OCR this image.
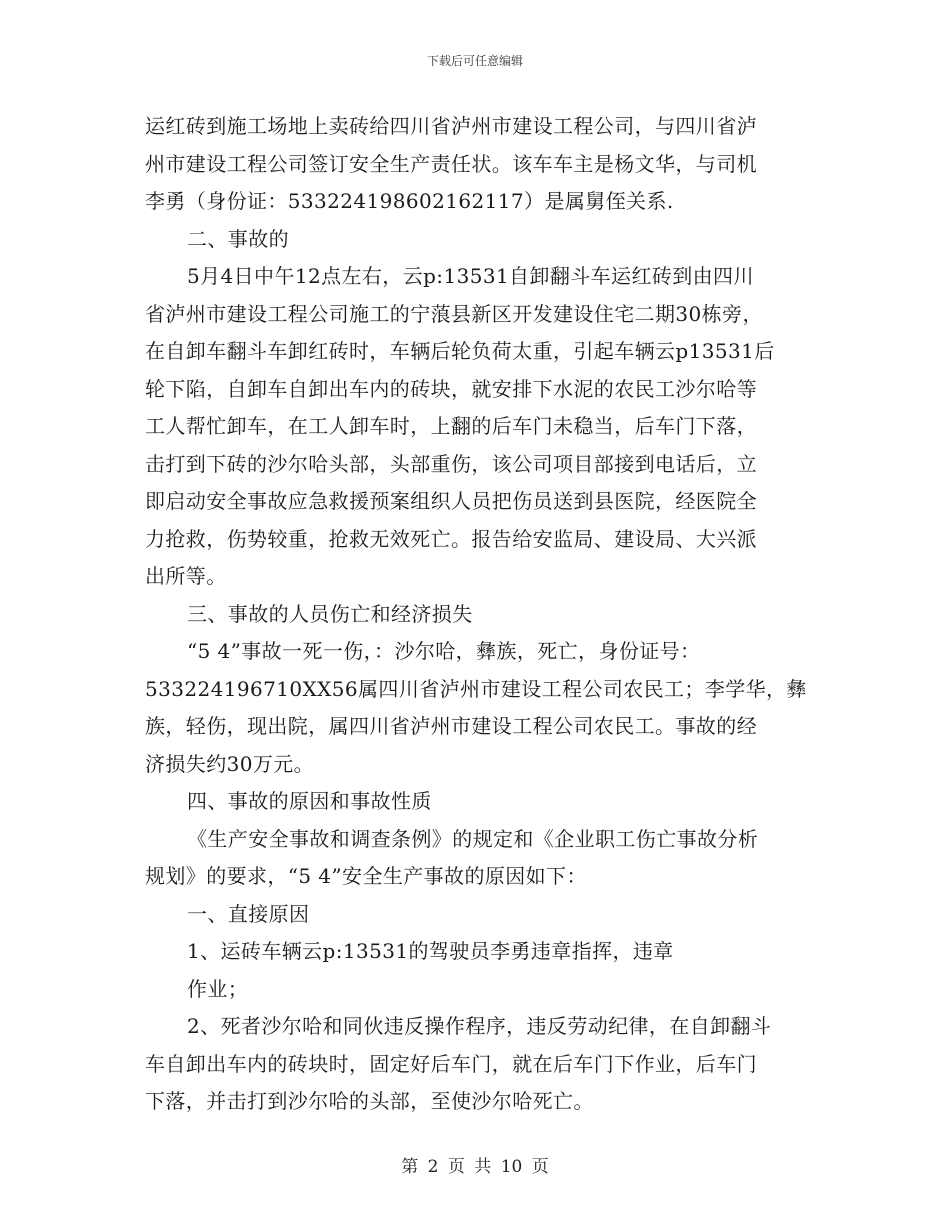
下载后可任意编辑
运红砖到施工场地上卖砖给四川省泸州市建设工程公司，与四川省泸
州市建设工程公司签订安全生产责任状。该车车主是杨文华，与司机
李勇（身份证：533224198602162117）是属舅侄关系.
二、事故的
5月4日中午12点左右，云p:13531自卸翻斗车运红砖到由四川
省泸州市建设工程公司施工的宁蒗县新区开发建设住宅二期30栋旁，
在自卸车翻斗车卸红砖时，车辆后轮负荷太重，引起车辆云p13531后
轮下陷，自卸车自卸出车内的砖块，就安排下水泥的农民工沙尔哈等
工人帮忙卸车，在工人卸车时，上翻的后车门未稳当，后车门下落，
击打到下砖的沙尔哈头部，头部重伤，该公司项目部接到电话后，立
即启动安全事故应急救援预案组织人员把伤员送到县医院，经医院全
力抢救，伤势较重，抢救无效死亡。报告给安监局、建设局、大兴派
出所等。
三、事故的人员伤亡和经济损失
“5 4”事故一死一伤，：沙尔哈，彝族，死亡，身份证号：
533224196710XX56属四川省泸州市建设工程公司农民工；李学华，彝
族，轻伤，现出院，属四川省泸州市建设工程公司农民工。事故的经
济损失约30万元。
四、事故的原因和事故性质
《生产安全事故和调查条例》的规定和《企业职工伤亡事故分析
规划》的要求，“5 4”安全生产事故的原因如下：
一、直接原因
1、运砖车辆云p:13531的驾驶员李勇违章指挥，违章
作业；
2、死者沙尔哈和同伙违反操作程序，违反劳动纪律，在自卸翻斗
车自卸出车内的砖块时，固定好后车门，就在后车门下作业，后车门
下落，并击打到沙尔哈的头部，至使沙尔哈死亡。
第 2 页 共 10 页
